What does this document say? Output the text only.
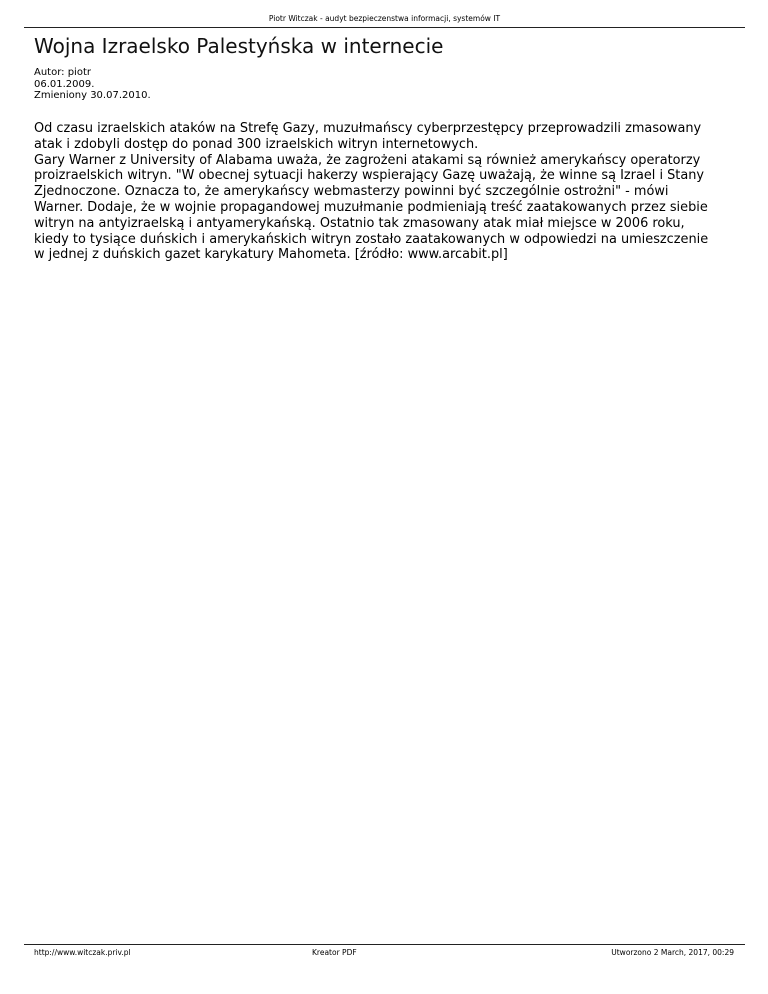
Piotr Witczak - audyt bezpieczenstwa informacji, systemów IT
Wojna Izraelsko Palestyńska w internecie
Autor: piotr
06.01.2009.
Zmieniony 30.07.2010.
Od czasu izraelskich ataków na Strefę Gazy, muzułmańscy cyberprzestępcy przeprowadzili zmasowany
atak i zdobyli dostęp do ponad 300 izraelskich witryn internetowych.
Gary Warner z University of Alabama uważa, że zagrożeni atakami są również amerykańscy operatorzy
proizraelskich witryn. "W obecnej sytuacji hakerzy wspierający Gazę uważają, że winne są Izrael i Stany
Zjednoczone. Oznacza to, że amerykańscy webmasterzy powinni być szczególnie ostrożni" - mówi
Warner. Dodaje, że w wojnie propagandowej muzułmanie podmieniają treść zaatakowanych przez siebie
witryn na antyizraelską i antyamerykańską. Ostatnio tak zmasowany atak miał miejsce w 2006 roku,
kiedy to tysiące duńskich i amerykańskich witryn zostało zaatakowanych w odpowiedzi na umieszczenie
w jednej z duńskich gazet karykatury Mahometa. [źródło: www.arcabit.pl]
http://www.witczak.priv.pl	Kreator PDF	Utworzono 2 March, 2017, 00:29
